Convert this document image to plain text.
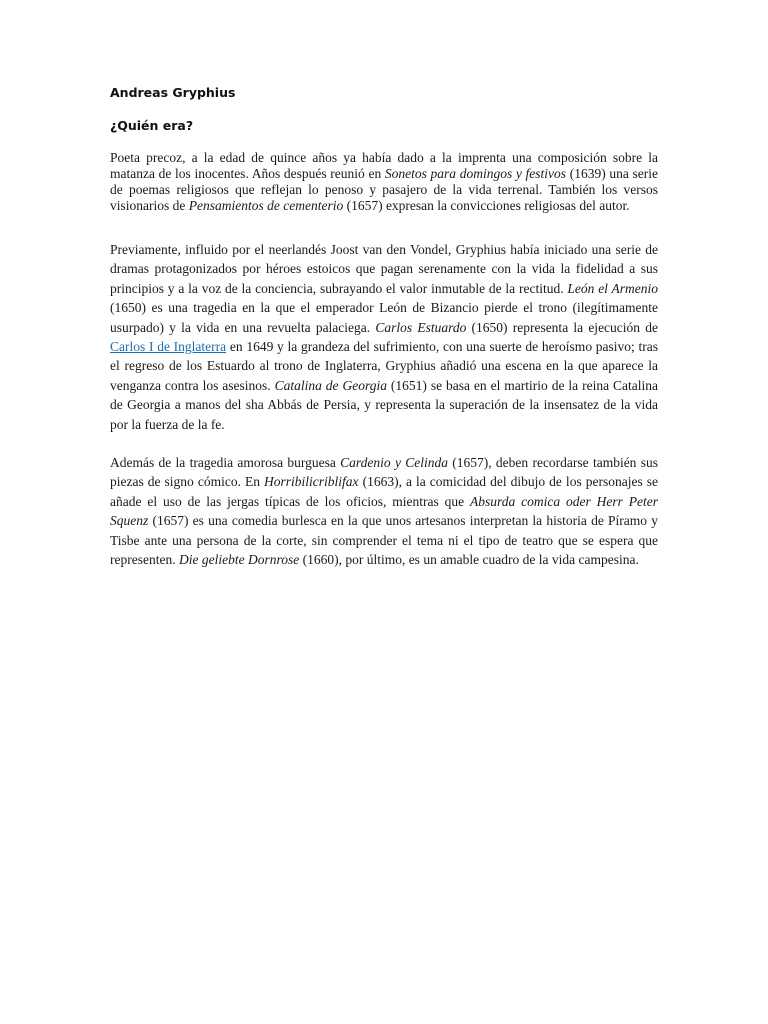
Andreas Gryphius
¿Quién era?

Poeta precoz, a la edad de quince años ya había dado a la imprenta una composición sobre la matanza de los inocentes. Años después reunió en Sonetos para domingos y festivos (1639) una serie de poemas religiosos que reflejan lo penoso y pasajero de la vida terrenal. También los versos visionarios de Pensamientos de cementerio (1657) expresan la convicciones religiosas del autor.

Previamente, influido por el neerlandés Joost van den Vondel, Gryphius había iniciado una serie de dramas protagonizados por héroes estoicos que pagan serenamente con la vida la fidelidad a sus principios y a la voz de la conciencia, subrayando el valor inmutable de la rectitud. León el Armenio (1650) es una tragedia en la que el emperador León de Bizancio pierde el trono (ilegítimamente usurpado) y la vida en una revuelta palaciega. Carlos Estuardo (1650) representa la ejecución de Carlos I de Inglaterra en 1649 y la grandeza del sufrimiento, con una suerte de heroísmo pasivo; tras el regreso de los Estuardo al trono de Inglaterra, Gryphius añadió una escena en la que aparece la venganza contra los asesinos. Catalina de Georgia (1651) se basa en el martirio de la reina Catalina de Georgia a manos del sha Abbás de Persia, y representa la superación de la insensatez de la vida por la fuerza de la fe.

Además de la tragedia amorosa burguesa Cardenio y Celinda (1657), deben recordarse también sus piezas de signo cómico. En Horribilicriblifax (1663), a la comicidad del dibujo de los personajes se añade el uso de las jergas típicas de los oficios, mientras que Absurda comica oder Herr Peter Squenz (1657) es una comedia burlesca en la que unos artesanos interpretan la historia de Píramo y Tisbe ante una persona de la corte, sin comprender el tema ni el tipo de teatro que se espera que representen. Die geliebte Dornrose (1660), por último, es un amable cuadro de la vida campesina.
